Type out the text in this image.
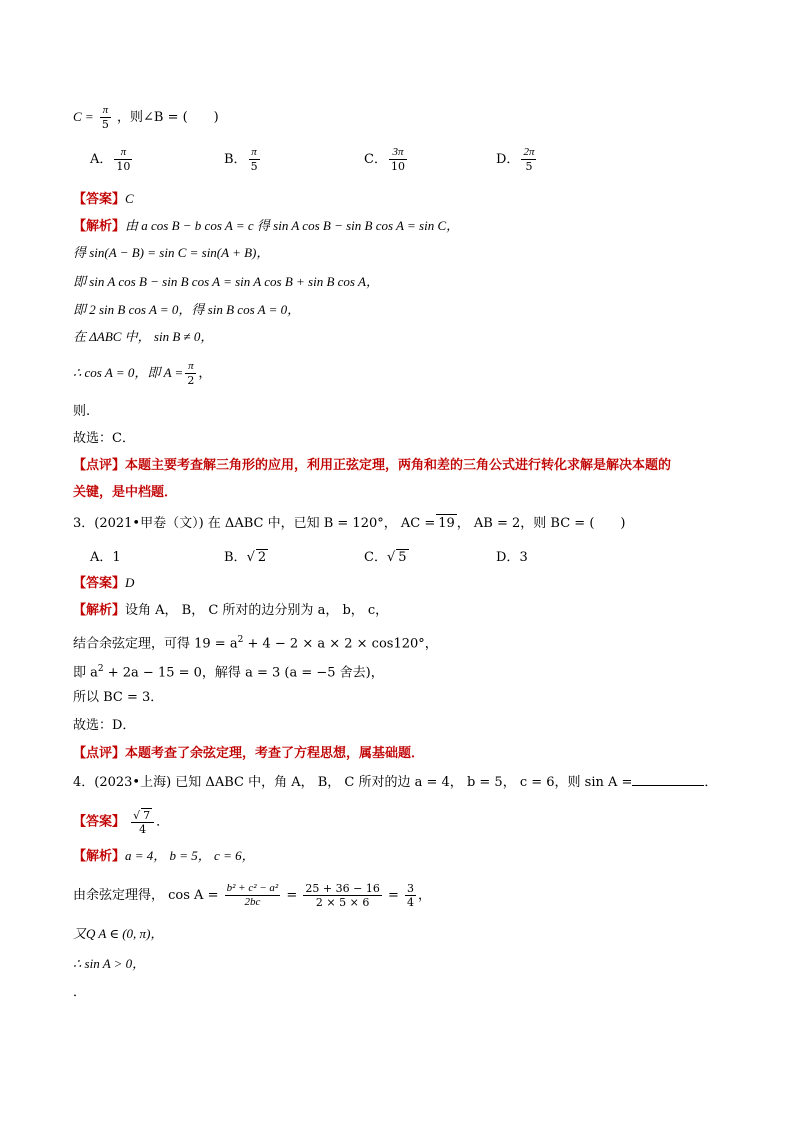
$C = \frac{\pi}{5}$ ，则∠B = (　　)
A． $\frac{\pi}{10}$	B． $\frac{\pi}{5}$	C． $\frac{3\pi}{10}$	D． $\frac{2\pi}{5}$
【答案】C
【解析】由 a cos B − b cos A = c 得 sin A cos B − sin B cos A = sin C，
得 sin(A − B) = sin C = sin(A + B)，
即 sin A cos B − sin B cos A = sin A cos B + sin B cos A，
即 2 sin B cos A = 0，得 sin B cos A = 0，
在 ΔABC 中， sin B ≠ 0，
∴ cos A = 0，即 $A = \frac{\pi}{2}$ ，
则.
故选：C．
【点评】本题主要考查解三角形的应用，利用正弦定理，两角和差的三角公式进行转化求解是解决本题的
关键，是中档题．
3．(2021•甲卷（文）) 在 ΔABC 中，已知 B = 120°， AC = 19 ， AB = 2，则 BC = (　　)
A．1	B．√ 2	C．√ 5	D．3
【答案】D
【解析】设角 A， B， C 所对的边分别为 a， b， c，
结合余弦定理，可得 $19 = a^2 + 4 - 2 \times a \times 2 \times \cos 120^\circ$，
即 $a^2 + 2a - 15 = 0$，解得 a = 3 (a = −5 舍去)，
所以 BC = 3．
故选：D．
【点评】本题考查了余弦定理，考查了方程思想，属基础题．
4．(2023•上海) 已知 ΔABC 中，角 A， B， C 所对的边 a = 4， b = 5， c = 6，则 sin A =	．
【答案】 $\frac{√ 7}{4}$ ．
【解析】a = 4， b = 5， c = 6，
由余弦定理得， $\cos A = \frac{\text{b² + c² − a²}}{2bc} = \frac{25 + 36 - 16}{2 \times 5 \times 6} = \frac{3}{4}$ ，
又Q A ∈ (0, π)，
∴ sin A > 0，
．
